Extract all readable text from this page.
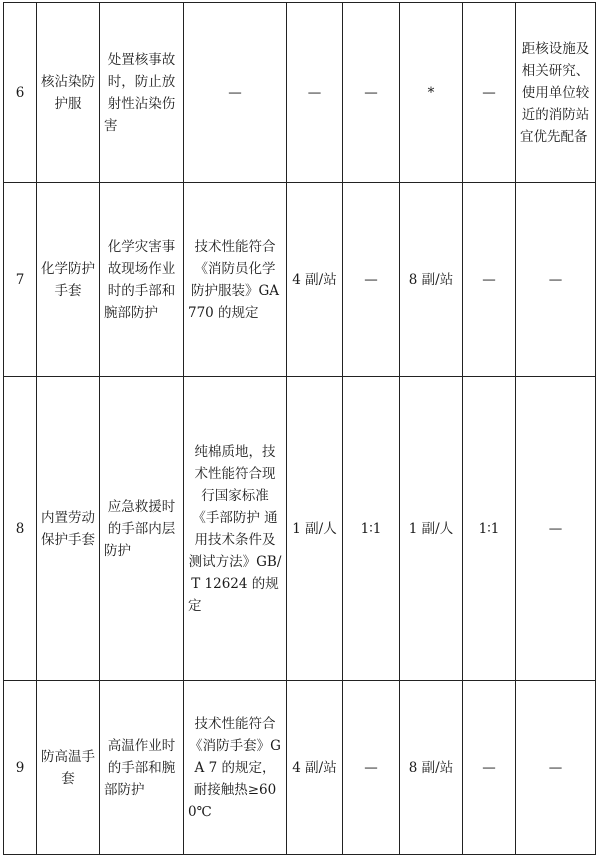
6	核沾染防护服	处置核事故时，防止放射性沾染伤害	—	—	—	*	—	距核设施及相关研究、使用单位较近的消防站宜优先配备
7	化学防护手套	化学灾害事故现场作业时的手部和腕部防护	技术性能符合《消防员化学防护服装》GA 770 的规定	4 副/站	—	8 副/站	—	—
8	内置劳动保护手套	应急救援时的手部内层防护	纯棉质地，技术性能符合现行国家标准《手部防护 通用技术条件及测试方法》GB/T 12624 的规定	1 副/人	1∶1	1 副/人	1∶1	—
9	防高温手套	高温作业时的手部和腕部防护	技术性能符合《消防手套》GA 7 的规定，耐接触热≥600℃	4 副/站	—	8 副/站	—	—
